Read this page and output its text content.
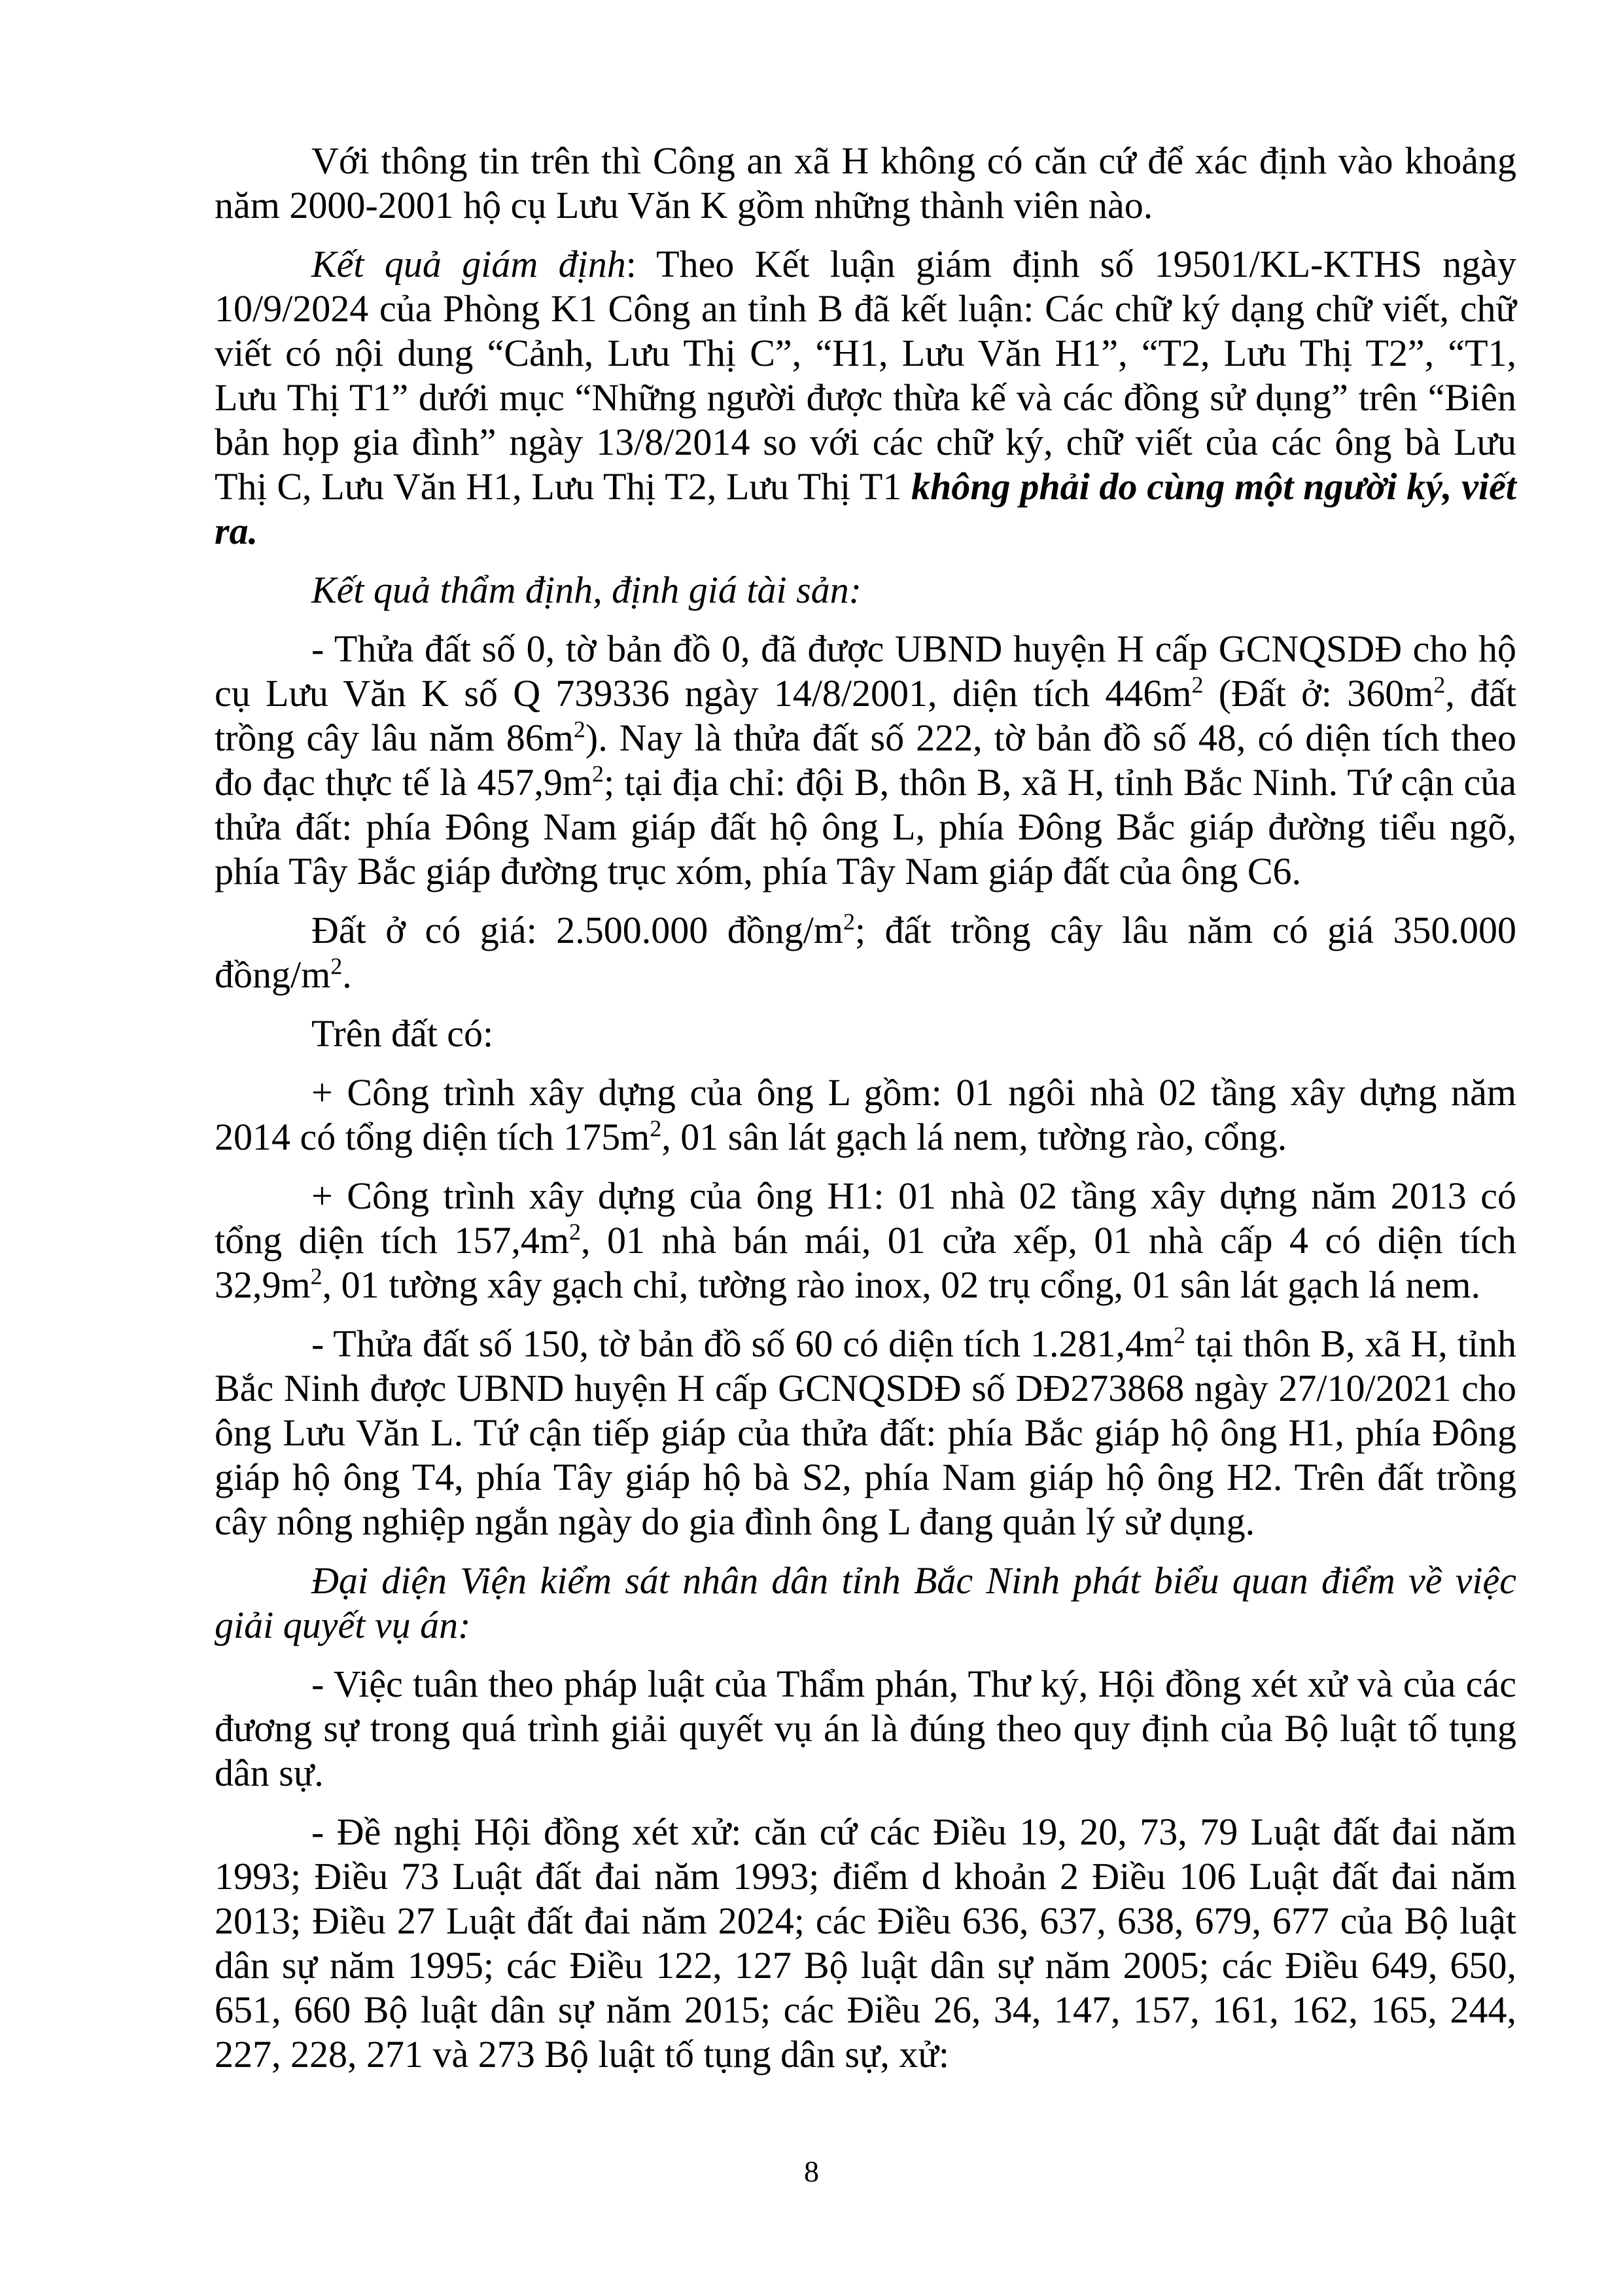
Với thông tin trên thì Công an xã H không có căn cứ để xác định vào khoảng năm 2000-2001 hộ cụ Lưu Văn K gồm những thành viên nào.

Kết quả giám định: Theo Kết luận giám định số 19501/KL-KTHS ngày 10/9/2024 của Phòng K1 Công an tỉnh B đã kết luận: Các chữ ký dạng chữ viết, chữ viết có nội dung “Cảnh, Lưu Thị C”, “H1, Lưu Văn H1”, “T2, Lưu Thị T2”, “T1, Lưu Thị T1” dưới mục “Những người được thừa kế và các đồng sử dụng” trên “Biên bản họp gia đình” ngày 13/8/2014 so với các chữ ký, chữ viết của các ông bà Lưu Thị C, Lưu Văn H1, Lưu Thị T2, Lưu Thị T1 không phải do cùng một người ký, viết ra.

Kết quả thẩm định, định giá tài sản:

- Thửa đất số 0, tờ bản đồ 0, đã được UBND huyện H cấp GCNQSDĐ cho hộ cụ Lưu Văn K số Q 739336 ngày 14/8/2001, diện tích $446m^2$ (Đất ở: $360m^2$, đất trồng cây lâu năm $86m^2$). Nay là thửa đất số 222, tờ bản đồ số 48, có diện tích theo đo đạc thực tế là $457,9m^2$; tại địa chỉ: đội B, thôn B, xã H, tỉnh Bắc Ninh. Tứ cận của thửa đất: phía Đông Nam giáp đất hộ ông L, phía Đông Bắc giáp đường tiểu ngõ, phía Tây Bắc giáp đường trục xóm, phía Tây Nam giáp đất của ông C6.

Đất ở có giá: 2.500.000 đồng/$m^2$; đất trồng cây lâu năm có giá 350.000 đồng/$m^2$.

Trên đất có:

+ Công trình xây dựng của ông L gồm: 01 ngôi nhà 02 tầng xây dựng năm 2014 có tổng diện tích $175m^2$, 01 sân lát gạch lá nem, tường rào, cổng.

+ Công trình xây dựng của ông H1: 01 nhà 02 tầng xây dựng năm 2013 có tổng diện tích $157,4m^2$, 01 nhà bán mái, 01 cửa xếp, 01 nhà cấp 4 có diện tích $32,9m^2$, 01 tường xây gạch chỉ, tường rào inox, 02 trụ cổng, 01 sân lát gạch lá nem.

- Thửa đất số 150, tờ bản đồ số 60 có diện tích $1.281,4m^2$ tại thôn B, xã H, tỉnh Bắc Ninh được UBND huyện H cấp GCNQSDĐ số DĐ273868 ngày 27/10/2021 cho ông Lưu Văn L. Tứ cận tiếp giáp của thửa đất: phía Bắc giáp hộ ông H1, phía Đông giáp hộ ông T4, phía Tây giáp hộ bà S2, phía Nam giáp hộ ông H2. Trên đất trồng cây nông nghiệp ngắn ngày do gia đình ông L đang quản lý sử dụng.

Đại diện Viện kiểm sát nhân dân tỉnh Bắc Ninh phát biểu quan điểm về việc giải quyết vụ án:

- Việc tuân theo pháp luật của Thẩm phán, Thư ký, Hội đồng xét xử và của các đương sự trong quá trình giải quyết vụ án là đúng theo quy định của Bộ luật tố tụng dân sự.

- Đề nghị Hội đồng xét xử: căn cứ các Điều 19, 20, 73, 79 Luật đất đai năm 1993; Điều 73 Luật đất đai năm 1993; điểm d khoản 2 Điều 106 Luật đất đai năm 2013; Điều 27 Luật đất đai năm 2024; các Điều 636, 637, 638, 679, 677 của Bộ luật dân sự năm 1995; các Điều 122, 127 Bộ luật dân sự năm 2005; các Điều 649, 650, 651, 660 Bộ luật dân sự năm 2015; các Điều 26, 34, 147, 157, 161, 162, 165, 244, 227, 228, 271 và 273 Bộ luật tố tụng dân sự, xử:

8
